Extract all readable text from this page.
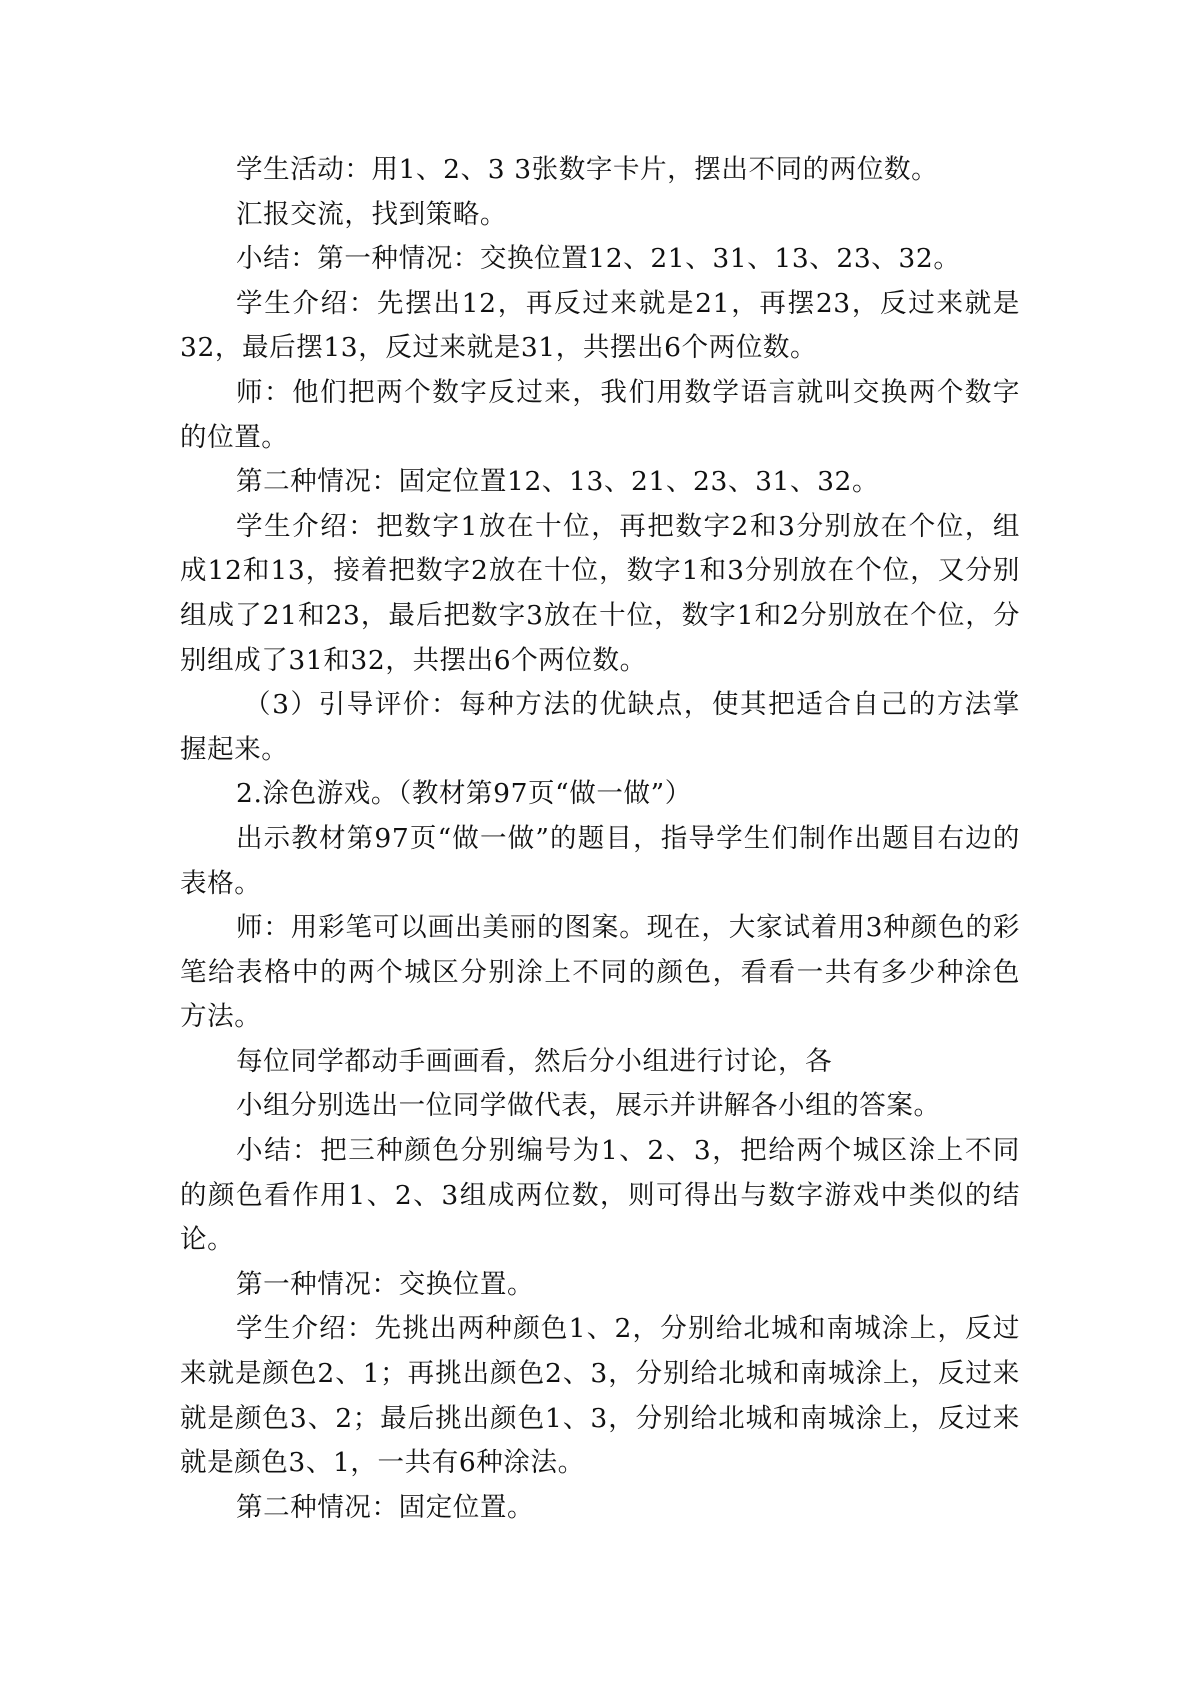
学生活动：用1、2、3 3张数字卡片，摆出不同的两位数。

汇报交流，找到策略。

小结：第一种情况：交换位置12、21、31、13、23、32。

学生介绍：先摆出12，再反过来就是21，再摆23，反过来就是32，最后摆13，反过来就是31，共摆出6个两位数。

师：他们把两个数字反过来，我们用数学语言就叫交换两个数字的位置。

第二种情况：固定位置12、13、21、23、31、32。

学生介绍：把数字1放在十位，再把数字2和3分别放在个位，组成12和13，接着把数字2放在十位，数字1和3分别放在个位，又分别组成了21和23，最后把数字3放在十位，数字1和2分别放在个位，分别组成了31和32，共摆出6个两位数。

（3）引导评价：每种方法的优缺点，使其把适合自己的方法掌握起来。

2.涂色游戏。（教材第97页“做一做”）

出示教材第97页“做一做”的题目，指导学生们制作出题目右边的表格。

师：用彩笔可以画出美丽的图案。现在，大家试着用3种颜色的彩笔给表格中的两个城区分别涂上不同的颜色，看看一共有多少种涂色方法。

每位同学都动手画画看，然后分小组进行讨论，各

小组分别选出一位同学做代表，展示并讲解各小组的答案。

小结：把三种颜色分别编号为1、2、3，把给两个城区涂上不同的颜色看作用1、2、3组成两位数，则可得出与数字游戏中类似的结论。

第一种情况：交换位置。

学生介绍：先挑出两种颜色1、2，分别给北城和南城涂上，反过来就是颜色2、1；再挑出颜色2、3，分别给北城和南城涂上，反过来就是颜色3、2；最后挑出颜色1、3，分别给北城和南城涂上，反过来就是颜色3、1，一共有6种涂法。

第二种情况：固定位置。
